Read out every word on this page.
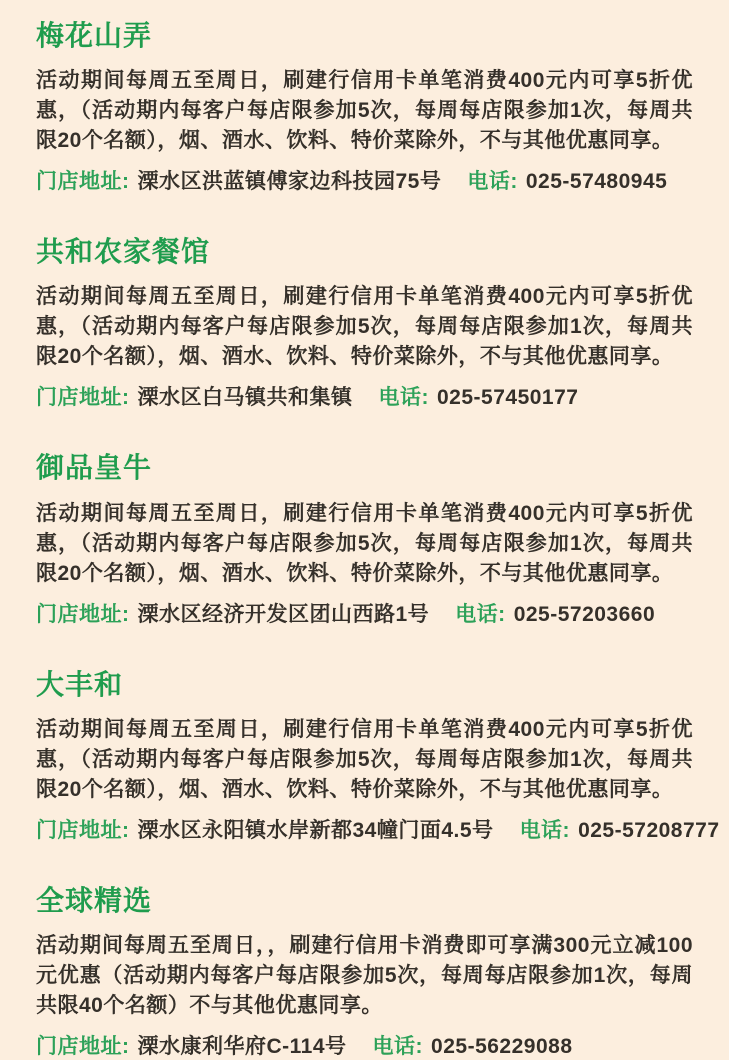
梅花山弄

活动期间每周五至周日，刷建行信用卡单笔消费400元内可享5折优惠，（活动期内每客户每店限参加5次，每周每店限参加1次，每周共限20个名额），烟、酒水、饮料、特价菜除外，不与其他优惠同享。

门店地址: 溧水区洪蓝镇傅家边科技园75号 电话: 025-57480945

共和农家餐馆

活动期间每周五至周日，刷建行信用卡单笔消费400元内可享5折优惠，（活动期内每客户每店限参加5次，每周每店限参加1次，每周共限20个名额），烟、酒水、饮料、特价菜除外，不与其他优惠同享。

门店地址: 溧水区白马镇共和集镇 电话: 025-57450177

御品皇牛

活动期间每周五至周日，刷建行信用卡单笔消费400元内可享5折优惠，（活动期内每客户每店限参加5次，每周每店限参加1次，每周共限20个名额），烟、酒水、饮料、特价菜除外，不与其他优惠同享。

门店地址: 溧水区经济开发区团山西路1号 电话: 025-57203660

大丰和

活动期间每周五至周日，刷建行信用卡单笔消费400元内可享5折优惠，（活动期内每客户每店限参加5次，每周每店限参加1次，每周共限20个名额），烟、酒水、饮料、特价菜除外，不与其他优惠同享。

门店地址: 溧水区永阳镇水岸新都34幢门面4.5号 电话: 025-57208777

全球精选

活动期间每周五至周日，，刷建行信用卡消费即可享满300元立减100元优惠（活动期内每客户每店限参加5次，每周每店限参加1次，每周共限40个名额）不与其他优惠同享。

门店地址: 溧水康利华府C-114号 电话: 025-56229088
